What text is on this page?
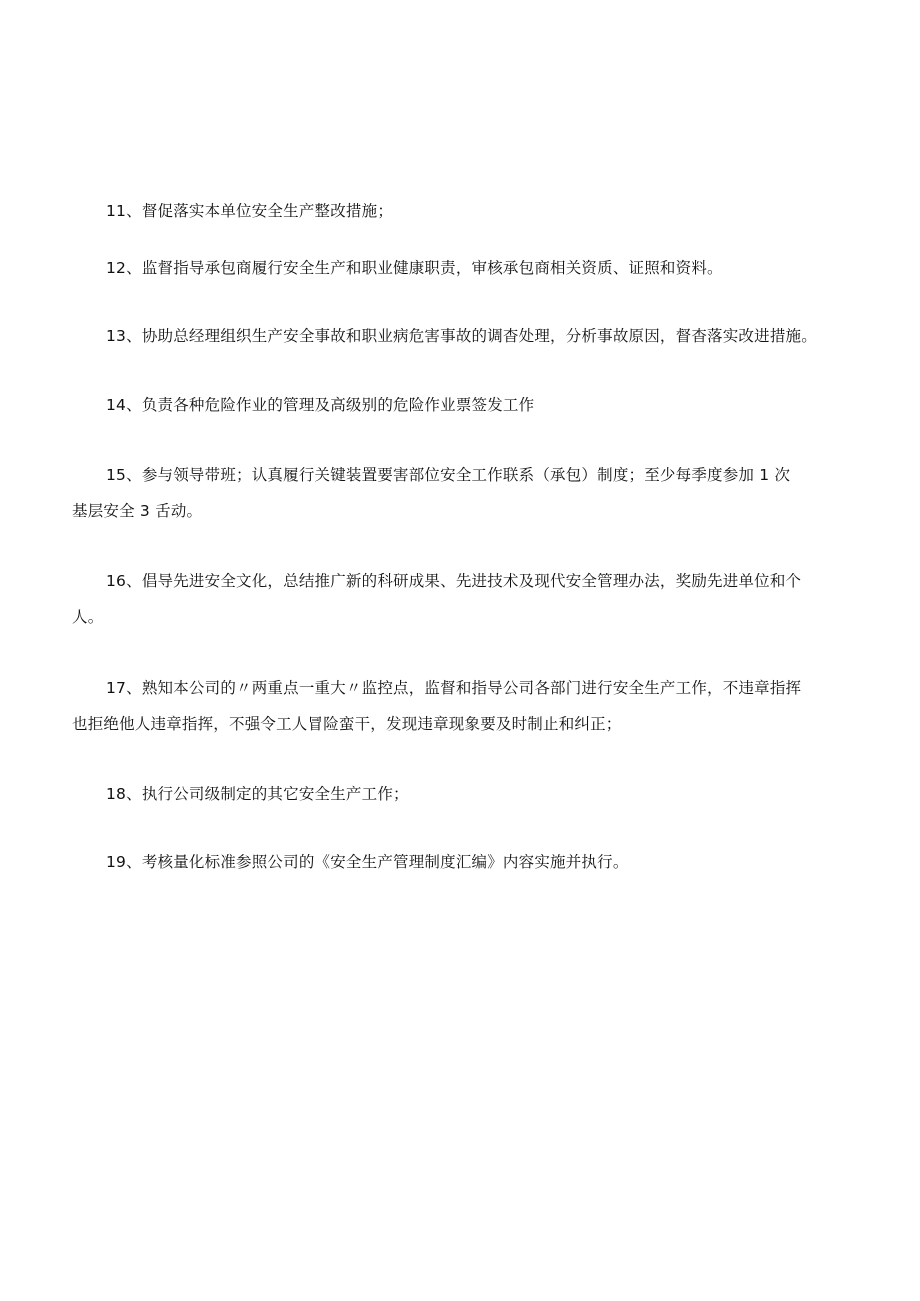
11、督促落实本单位安全生产整改措施；

12、监督指导承包商履行安全生产和职业健康职责，审核承包商相关资质、证照和资料。

13、协助总经理组织生产安全事故和职业病危害事故的调杳处理，分析事故原因，督杳落实改进措施。

14、负责各种危险作业的管理及高级别的危险作业票签发工作

15、参与领导带班；认真履行关键装置要害部位安全工作联系（承包）制度；至少每季度参加 1 次
基层安全 3 舌动。

16、倡导先进安全文化，总结推广新的科研成果、先进技术及现代安全管理办法，奖励先进单位和个
人。

17、熟知本公司的〃两重点一重大〃监控点，监督和指导公司各部门进行安全生产工作，不违章指挥
也拒绝他人违章指挥，不强令工人冒险蛮干，发现违章现象要及时制止和纠正；

18、执行公司级制定的其它安全生产工作；

19、考核量化标准参照公司的《安全生产管理制度汇编》内容实施并执行。
